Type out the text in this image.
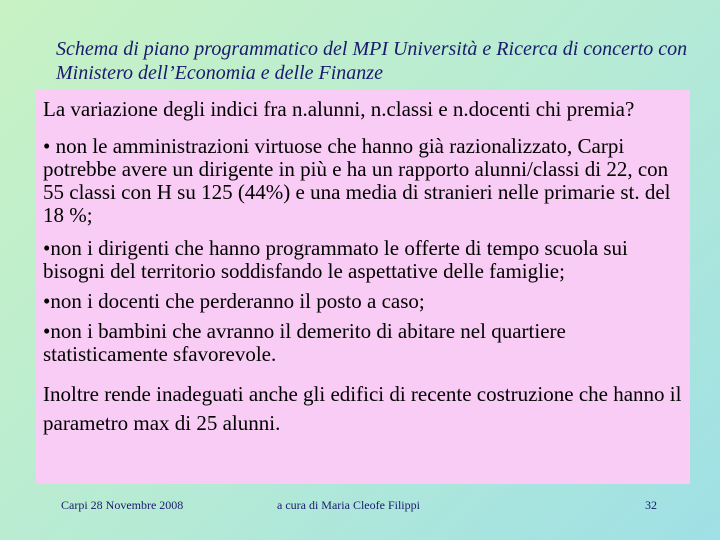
Schema di piano programmatico del MPI Università e Ricerca di concerto con Ministero dell’Economia e delle Finanze

La variazione degli indici fra n.alunni, n.classi e n.docenti chi premia?

• non le amministrazioni virtuose che hanno già razionalizzato, Carpi potrebbe avere un dirigente in più e ha un rapporto alunni/classi di 22, con 55 classi con H su 125 (44%) e una media di stranieri nelle primarie st. del 18 %;

•non i dirigenti che hanno programmato le offerte di tempo scuola sui bisogni del territorio soddisfando le aspettative delle famiglie;

•non i docenti che perderanno il posto a caso;

•non i bambini che avranno il demerito di abitare nel quartiere statisticamente sfavorevole.

Inoltre rende inadeguati anche gli edifici di recente costruzione che hanno il parametro max di 25 alunni.

Carpi 28 Novembre 2008	a cura di Maria Cleofe Filippi	32
